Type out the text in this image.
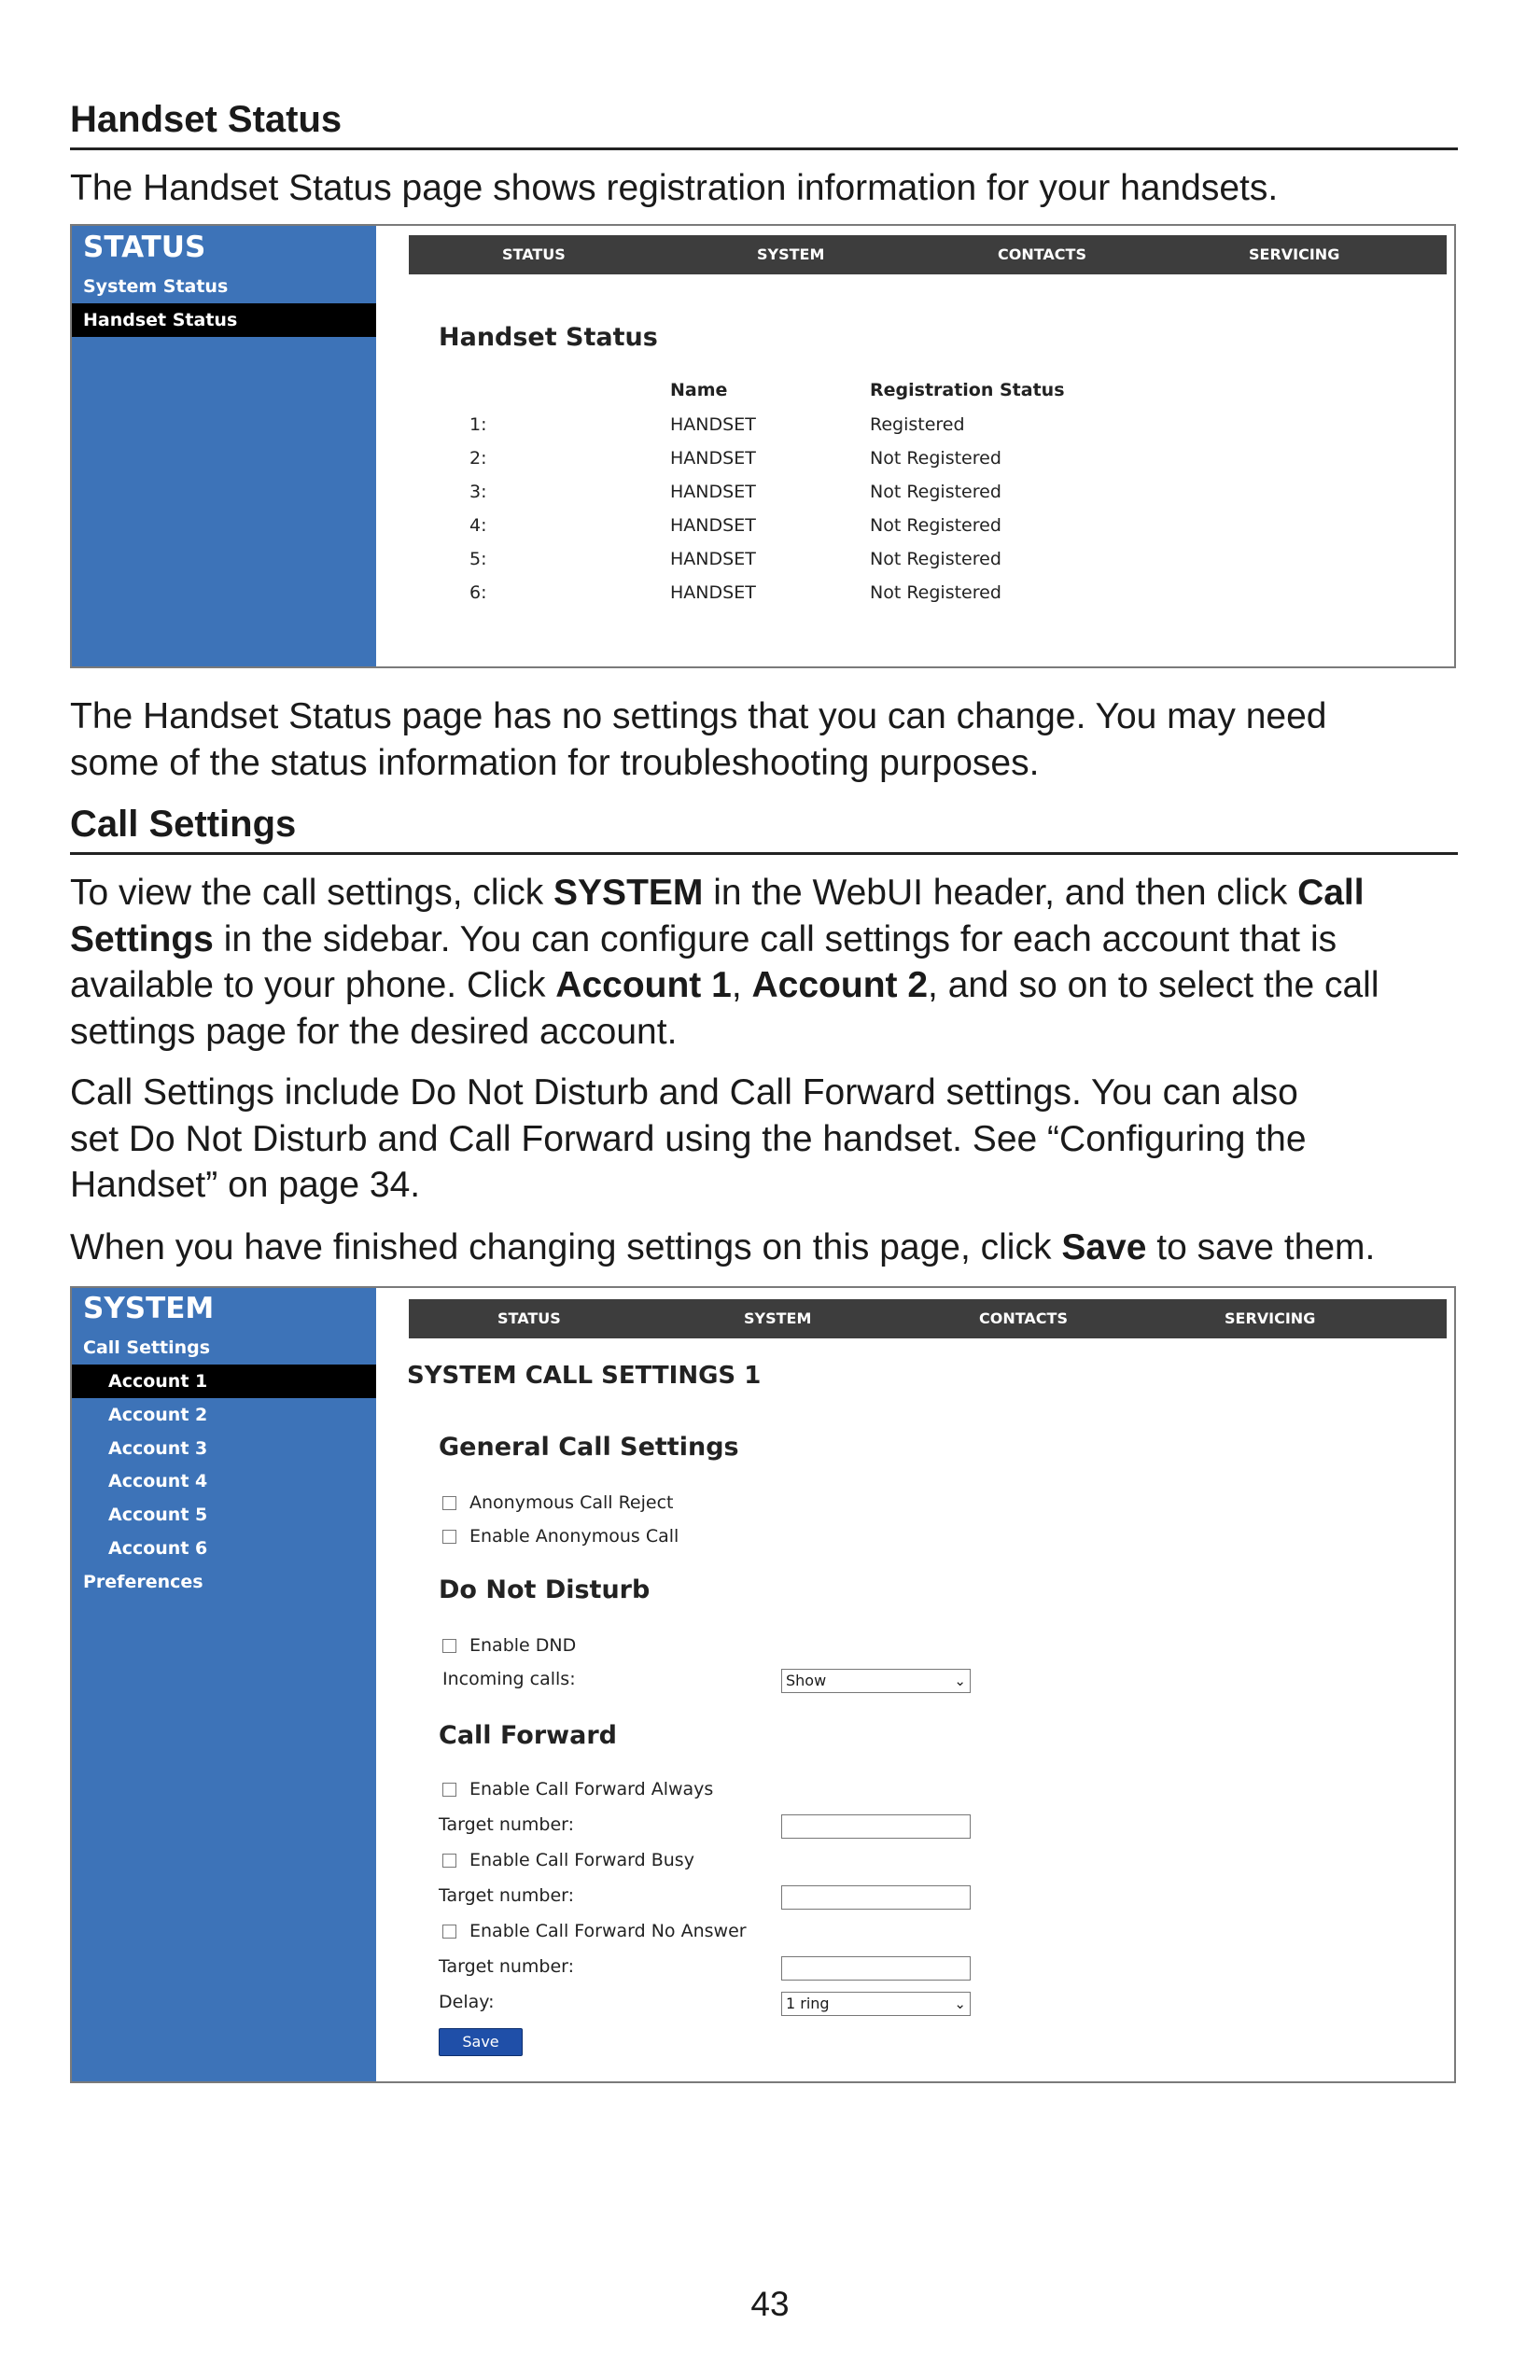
Handset Status

The Handset Status page shows registration information for your handsets.

STATUS
System Status
Handset Status
STATUS	SYSTEM	CONTACTS	SERVICING
Handset Status
Name	Registration Status
1:	HANDSET	Registered
2:	HANDSET	Not Registered
3:	HANDSET	Not Registered
4:	HANDSET	Not Registered
5:	HANDSET	Not Registered
6:	HANDSET	Not Registered

The Handset Status page has no settings that you can change. You may need
some of the status information for troubleshooting purposes.

Call Settings

To view the call settings, click SYSTEM in the WebUI header, and then click Call
Settings in the sidebar. You can configure call settings for each account that is
available to your phone. Click Account 1, Account 2, and so on to select the call
settings page for the desired account.

Call Settings include Do Not Disturb and Call Forward settings. You can also
set Do Not Disturb and Call Forward using the handset. See “Configuring the
Handset” on page 34.

When you have finished changing settings on this page, click Save to save them.

SYSTEM
Call Settings
Account 1
Account 2
Account 3
Account 4
Account 5
Account 6
Preferences
STATUS	SYSTEM	CONTACTS	SERVICING
SYSTEM CALL SETTINGS 1
General Call Settings
Anonymous Call Reject
Enable Anonymous Call
Do Not Disturb
Enable DND
Incoming calls:	Show	⌄
Call Forward
Enable Call Forward Always
Target number:
Enable Call Forward Busy
Target number:
Enable Call Forward No Answer
Target number:
Delay:	1 ring	⌄
Save
43
